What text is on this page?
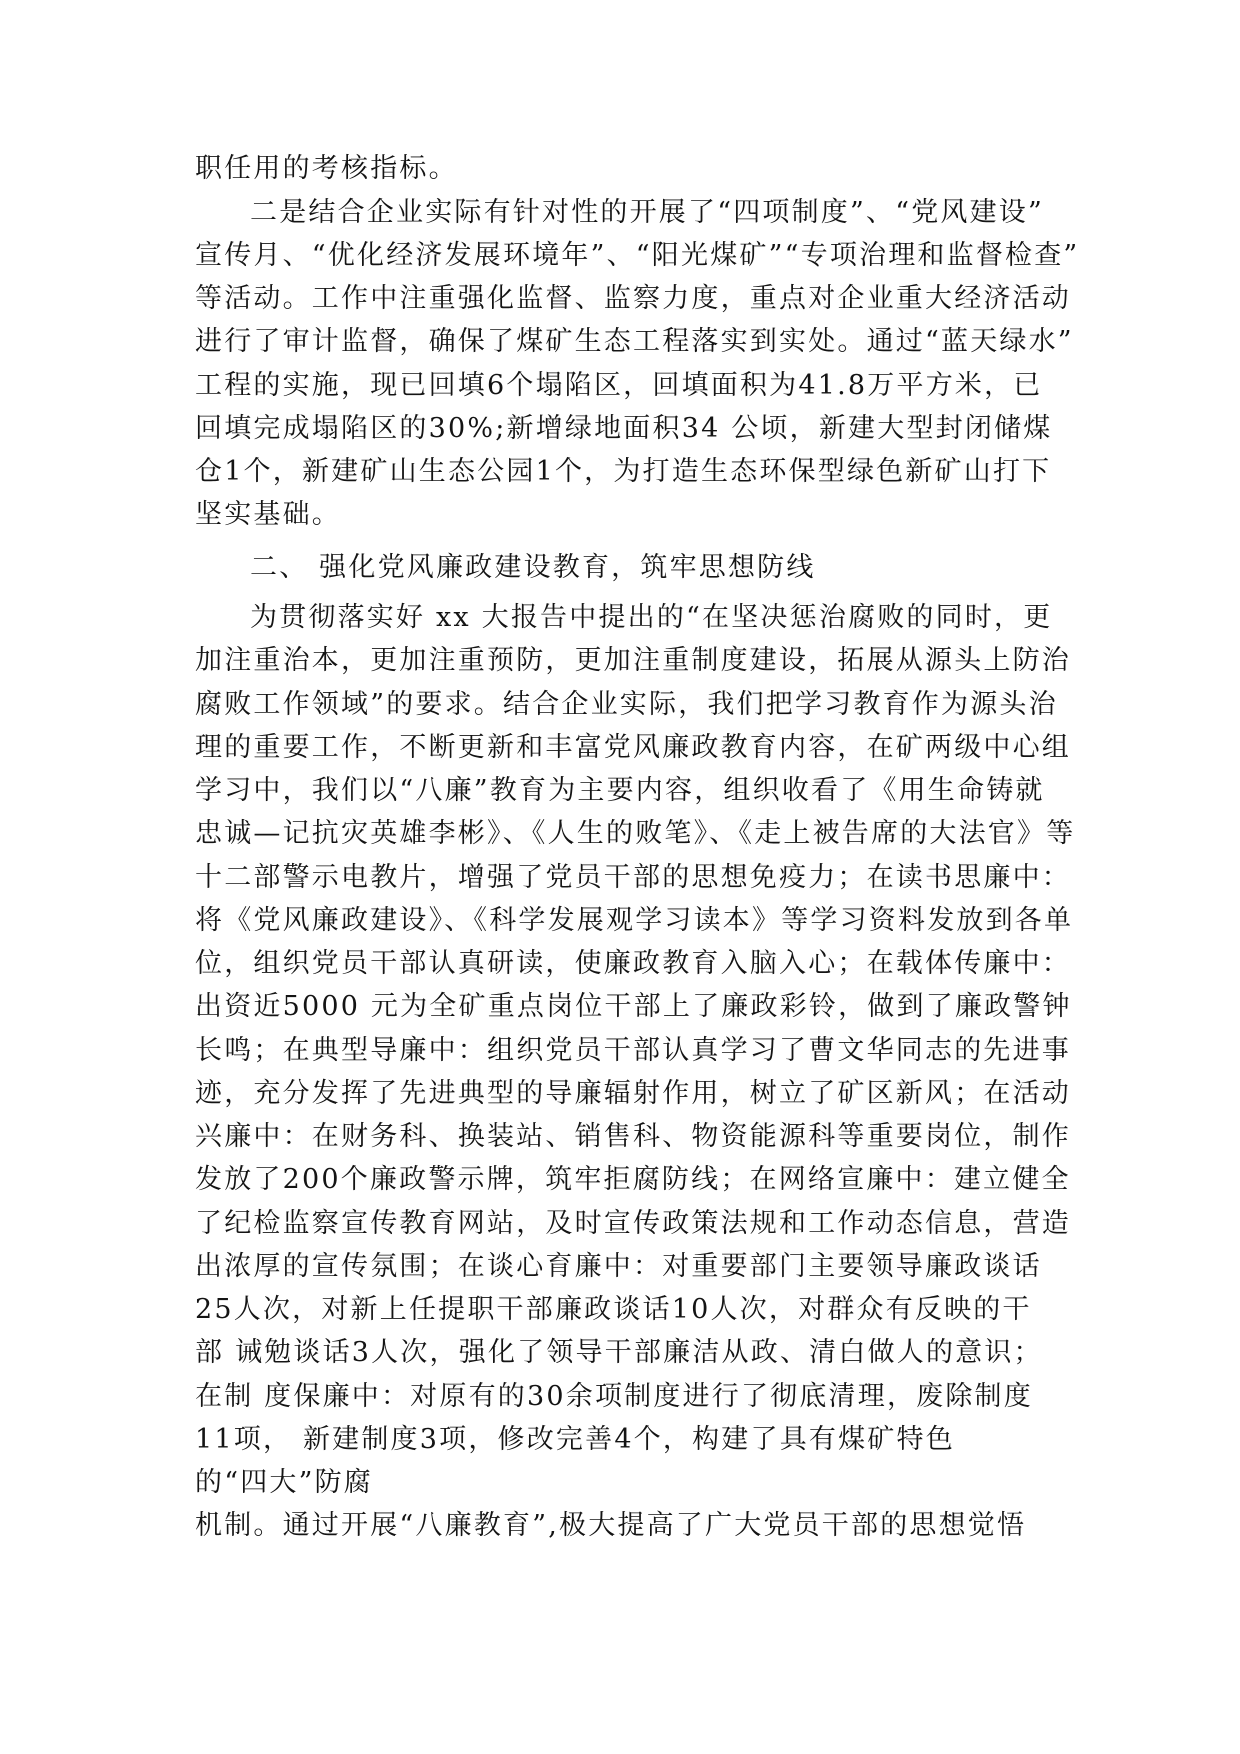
职任用的考核指标。
二是结合企业实际有针对性的开展了“四项制度”、“党风建设”
宣传月、“优化经济发展环境年”、“阳光煤矿”“专项治理和监督检查”
等活动。工作中注重强化监督、监察力度，重点对企业重大经济活动
进行了审计监督，确保了煤矿生态工程落实到实处。通过“蓝天绿水”
工程的实施，现已回填6个塌陷区，回填面积为41.8万平方米，已
回填完成塌陷区的30%;新增绿地面积34 公顷，新建大型封闭储煤
仓1个，新建矿山生态公园1个，为打造生态环保型绿色新矿山打下
坚实基础。
二、 强化党风廉政建设教育，筑牢思想防线
为贯彻落实好 xx 大报告中提出的“在坚决惩治腐败的同时，更
加注重治本，更加注重预防，更加注重制度建设，拓展从源头上防治
腐败工作领域”的要求。结合企业实际，我们把学习教育作为源头治
理的重要工作，不断更新和丰富党风廉政教育内容，在矿两级中心组
学习中，我们以“八廉”教育为主要内容，组织收看了《用生命铸就
忠诚—记抗灾英雄李彬》、《人生的败笔》、《走上被告席的大法官》等
十二部警示电教片，增强了党员干部的思想免疫力；在读书思廉中：
将《党风廉政建设》、《科学发展观学习读本》等学习资料发放到各单
位，组织党员干部认真研读，使廉政教育入脑入心；在载体传廉中：
出资近5000 元为全矿重点岗位干部上了廉政彩铃，做到了廉政警钟
长鸣；在典型导廉中：组织党员干部认真学习了曹文华同志的先进事
迹，充分发挥了先进典型的导廉辐射作用，树立了矿区新风；在活动
兴廉中：在财务科、换装站、销售科、物资能源科等重要岗位，制作
发放了200个廉政警示牌，筑牢拒腐防线；在网络宣廉中：建立健全
了纪检监察宣传教育网站，及时宣传政策法规和工作动态信息，营造
出浓厚的宣传氛围；在谈心育廉中：对重要部门主要领导廉政谈话
25人次，对新上任提职干部廉政谈话10人次，对群众有反映的干
部 诫勉谈话3人次，强化了领导干部廉洁从政、清白做人的意识；
在制 度保廉中：对原有的30余项制度进行了彻底清理，废除制度
11项， 新建制度3项，修改完善4个，构建了具有煤矿特色
的“四大”防腐
机制。通过开展“八廉教育”,极大提高了广大党员干部的思想觉悟
